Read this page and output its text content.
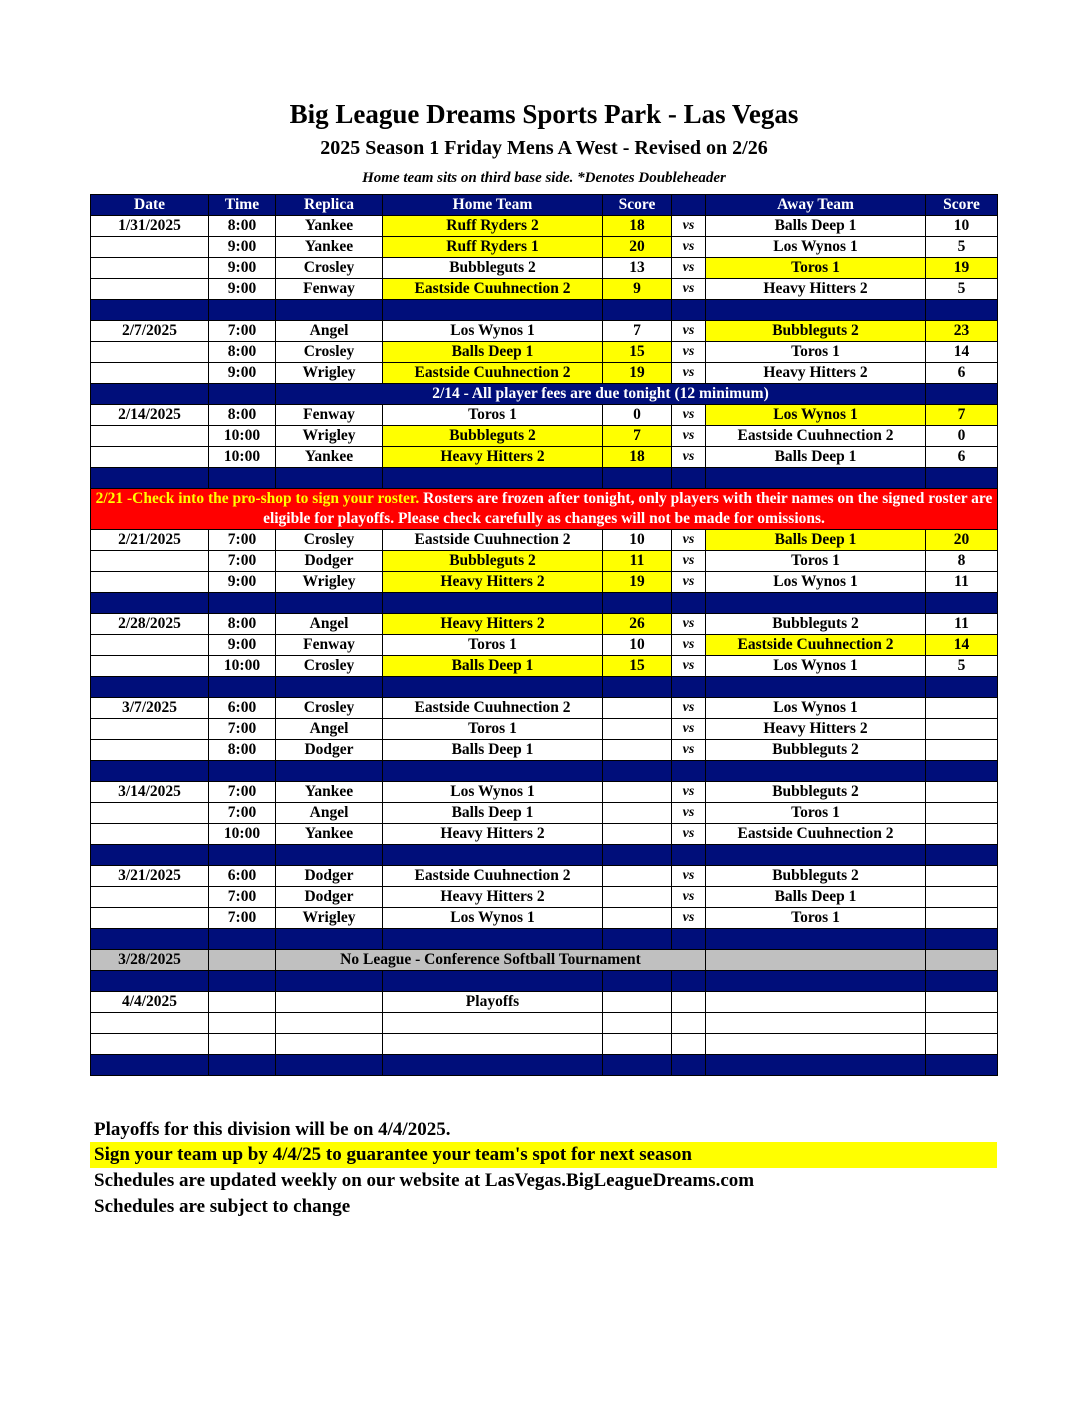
Big League Dreams Sports Park - Las Vegas
2025 Season 1 Friday Mens A West - Revised on 2/26
Home team sits on third base side. *Denotes Doubleheader
Date	Time	Replica	Home Team	Score		Away Team	Score
1/31/2025	8:00	Yankee	Ruff Ryders 2	18	vs	Balls Deep 1	10
	9:00	Yankee	Ruff Ryders 1	20	vs	Los Wynos 1	5
	9:00	Crosley	Bubbleguts 2	13	vs	Toros 1	19
	9:00	Fenway	Eastside Cuuhnection 2	9	vs	Heavy Hitters 2	5

2/7/2025	7:00	Angel	Los Wynos 1	7	vs	Bubbleguts 2	23
	8:00	Crosley	Balls Deep 1	15	vs	Toros 1	14
	9:00	Wrigley	Eastside Cuuhnection 2	19	vs	Heavy Hitters 2	6
		2/14 - All player fees are due tonight (12 minimum)					
2/14/2025	8:00	Fenway	Toros 1	0	vs	Los Wynos 1	7
	10:00	Wrigley	Bubbleguts 2	7	vs	Eastside Cuuhnection 2	0
	10:00	Yankee	Heavy Hitters 2	18	vs	Balls Deep 1	6

2/21 -Check into the pro-shop to sign your roster. Rosters are frozen after tonight, only players with their names on the signed roster are eligible for playoffs. Please check carefully as changes will not be made for omissions.							
2/21/2025	7:00	Crosley	Eastside Cuuhnection 2	10	vs	Balls Deep 1	20
	7:00	Dodger	Bubbleguts 2	11	vs	Toros 1	8
	9:00	Wrigley	Heavy Hitters 2	19	vs	Los Wynos 1	11

2/28/2025	8:00	Angel	Heavy Hitters 2	26	vs	Bubbleguts 2	11
	9:00	Fenway	Toros 1	10	vs	Eastside Cuuhnection 2	14
	10:00	Crosley	Balls Deep 1	15	vs	Los Wynos 1	5

3/7/2025	6:00	Crosley	Eastside Cuuhnection 2		vs	Los Wynos 1	
	7:00	Angel	Toros 1		vs	Heavy Hitters 2	
	8:00	Dodger	Balls Deep 1		vs	Bubbleguts 2	

3/14/2025	7:00	Yankee	Los Wynos 1		vs	Bubbleguts 2	
	7:00	Angel	Balls Deep 1		vs	Toros 1	
	10:00	Yankee	Heavy Hitters 2		vs	Eastside Cuuhnection 2	

3/21/2025	6:00	Dodger	Eastside Cuuhnection 2		vs	Bubbleguts 2	
	7:00	Dodger	Heavy Hitters 2		vs	Balls Deep 1	
	7:00	Wrigley	Los Wynos 1		vs	Toros 1	

3/28/2025		No League - Conference Softball Tournament					

4/4/2025			Playoffs				

Playoffs for this division will be on 4/4/2025.
Sign your team up by 4/4/25 to guarantee your team's spot for next season
Schedules are updated weekly on our website at LasVegas.BigLeagueDreams.com
Schedules are subject to change
